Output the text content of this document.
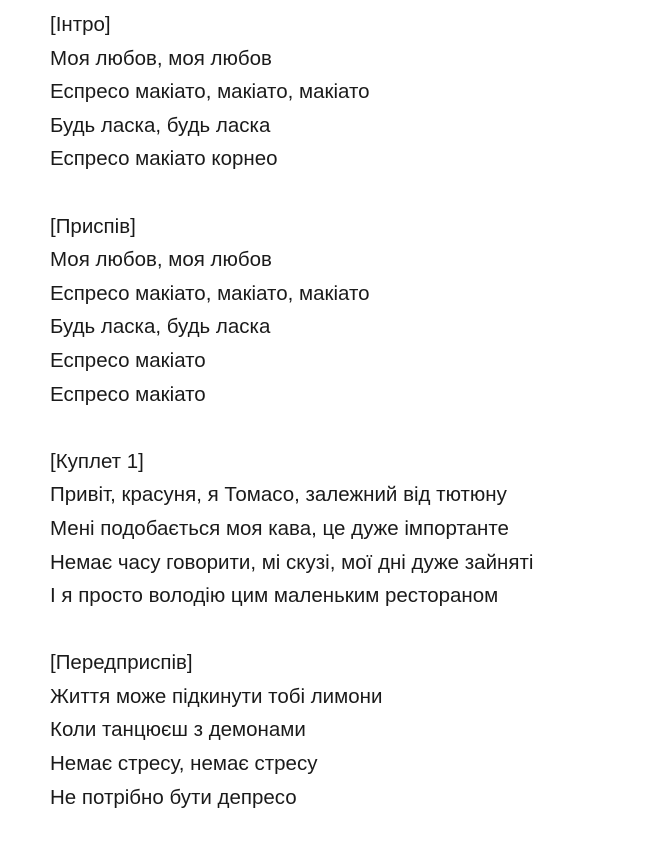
[Інтро]
Моя любов, моя любов
Еспресо макіато, макіато, макіато
Будь ласка, будь ласка
Еспресо макіато корнео
[Приспів]
Моя любов, моя любов
Еспресо макіато, макіато, макіато
Будь ласка, будь ласка
Еспресо макіато
Еспресо макіато
[Куплет 1]
Привіт, красуня, я Томасо, залежний від тютюну
Мені подобається моя кава, це дуже імпортанте
Немає часу говорити, мі скузі, мої дні дуже зайняті
І я просто володію цим маленьким рестораном
[Передприспів]
Життя може підкинути тобі лимони
Коли танцюєш з демонами
Немає стресу, немає стресу
Не потрібно бути депресо
